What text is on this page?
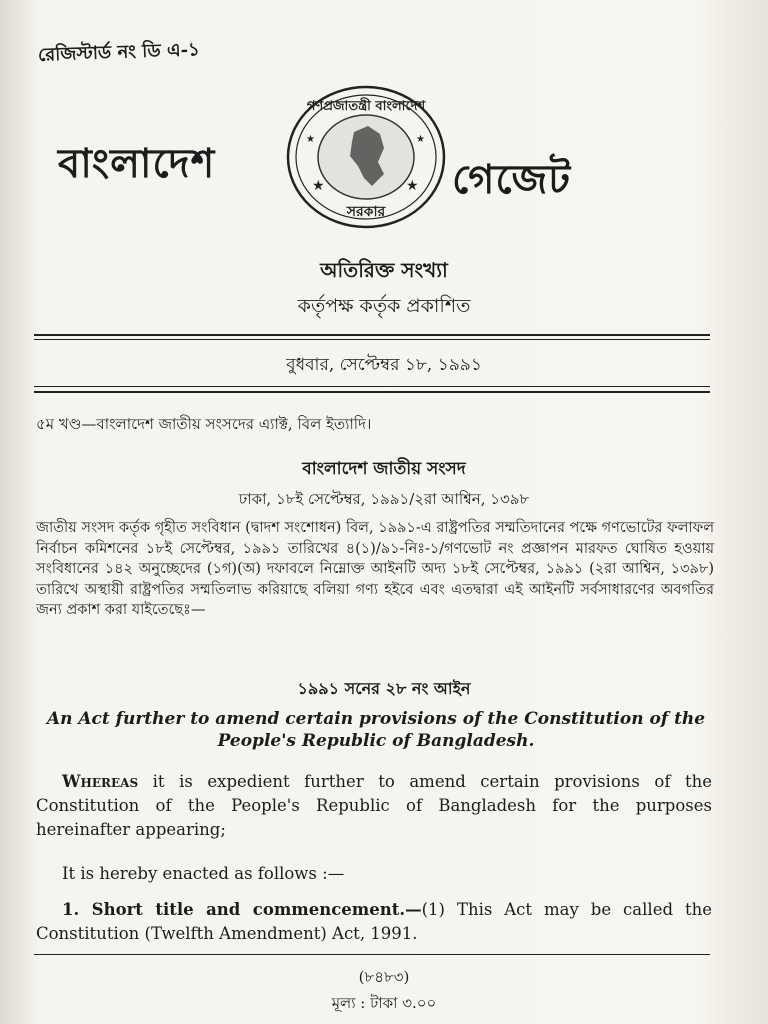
রেজিস্টার্ড নং ডি এ-১
বাংলাদেশ	★	★
★	★
গণপ্রজাতন্ত্রী বাংলাদেশ
সরকার
গেজেট
অতিরিক্ত সংখ্যা
কর্তৃপক্ষ কর্তৃক প্রকাশিত
বুধবার, সেপ্টেম্বর ১৮, ১৯৯১
৫ম খণ্ড—বাংলাদেশ জাতীয় সংসদের এ্যাক্ট, বিল ইত্যাদি।
বাংলাদেশ জাতীয় সংসদ
ঢাকা, ১৮ই সেপ্টেম্বর, ১৯৯১/২রা আশ্বিন, ১৩৯৮
জাতীয় সংসদ কর্তৃক গৃহীত সংবিধান (দ্বাদশ সংশোধন) বিল, ১৯৯১-এ রাষ্ট্রপতির সম্মতিদানের পক্ষে গণভোটের ফলাফল নির্বাচন কমিশনের ১৮ই সেপ্টেম্বর, ১৯৯১ তারিখের ৪(১)/৯১-নিঃ-১/গণভোট নং প্রজ্ঞাপন মারফত ঘোষিত হওয়ায় সংবিধানের ১৪২ অনুচ্ছেদের (১গ)(অ) দফাবলে নিম্নোক্ত আইনটি অদ্য ১৮ই সেপ্টেম্বর, ১৯৯১ (২রা আশ্বিন, ১৩৯৮) তারিখে অস্থায়ী রাষ্ট্রপতির সম্মতিলাভ করিয়াছে বলিয়া গণ্য হইবে এবং এতদ্বারা এই আইনটি সর্বসাধারণের অবগতির জন্য প্রকাশ করা যাইতেছেঃ—
১৯৯১ সনের ২৮ নং আইন
An Act further to amend certain provisions of the Constitution of the People's Republic of Bangladesh.
Whereas it is expedient further to amend certain provisions of the Constitution of the People's Republic of Bangladesh for the purposes hereinafter appearing;
It is hereby enacted as follows :—
1. Short title and commencement.—(1) This Act may be called the Constitution (Twelfth Amendment) Act, 1991.
(৮৪৮৩)
মূল্য : টাকা ৩.০০
